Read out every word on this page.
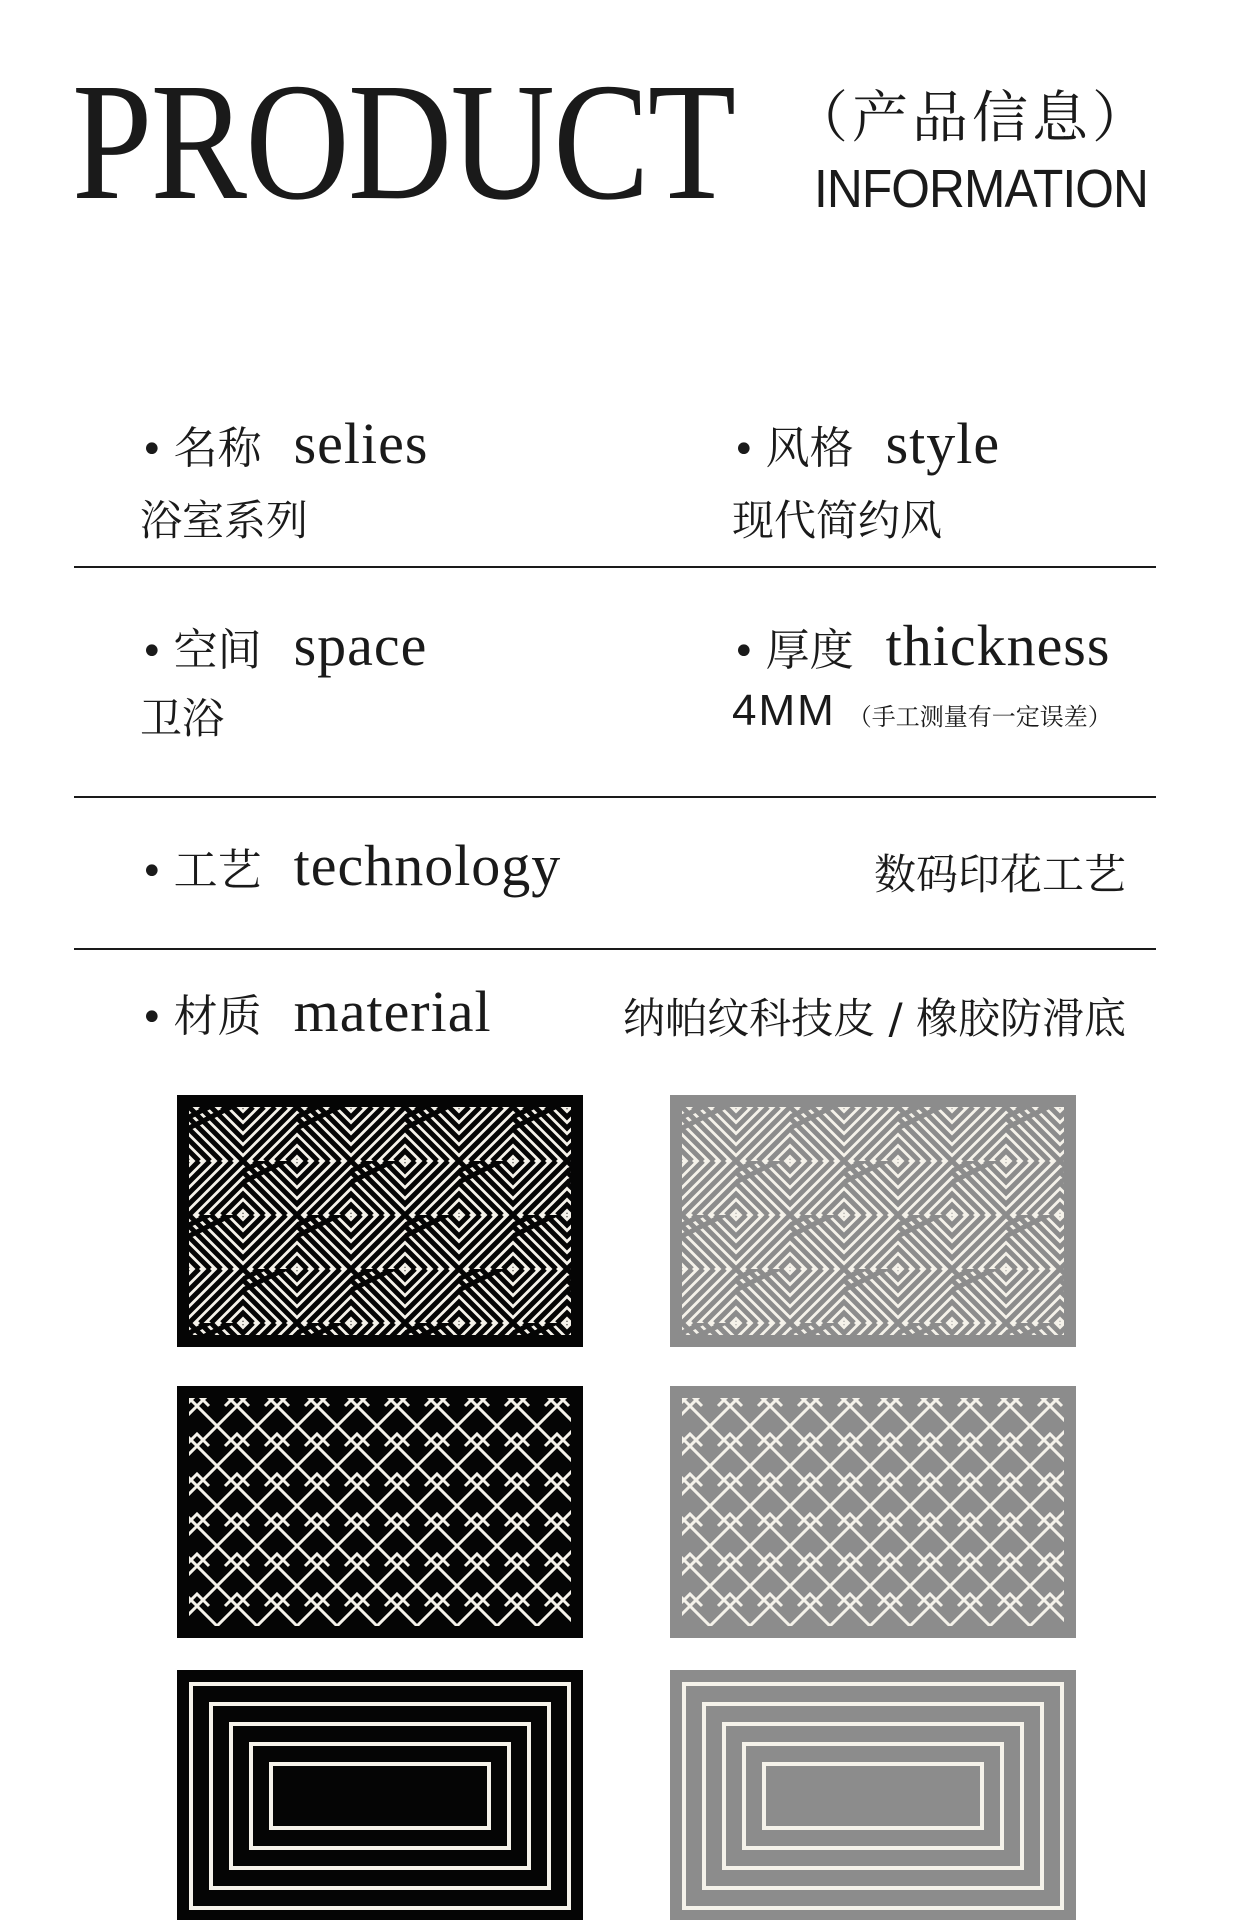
PRODUCT （产品信息）
INFORMATION
• 名称 selies
浴室系列
• 风格 style
现代简约风
• 空间 space
卫浴
• 厚度 thickness
4MM （手工测量有一定误差）
• 工艺 technology	数码印花工艺
• 材质 material	纳帕纹科技皮 / 橡胶防滑底
